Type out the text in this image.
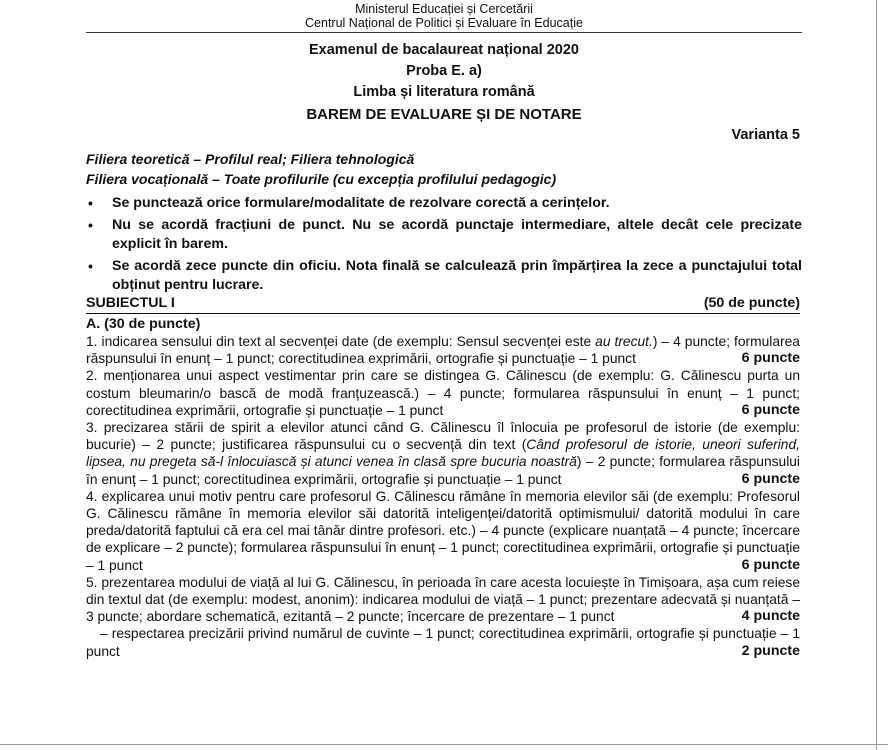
Ministerul Educației și Cercetării
Centrul Național de Politici și Evaluare în Educație
Examenul de bacalaureat național 2020
Proba E. a)
Limba și literatura română
BAREM DE EVALUARE ȘI DE NOTARE
Varianta 5
Filiera teoretică – Profilul real; Filiera tehnologică
Filiera vocațională – Toate profilurile (cu excepția profilului pedagogic)
• Se punctează orice formulare/modalitate de rezolvare corectă a cerințelor.
• Nu se acordă fracțiuni de punct. Nu se acordă punctaje intermediare, altele decât cele precizate explicit în barem.
• Se acordă zece puncte din oficiu. Nota finală se calculează prin împărțirea la zece a punctajului total obținut pentru lucrare.
SUBIECTUL I	(50 de puncte)
A. (30 de puncte)
1. indicarea sensului din text al secvenței date (de exemplu: Sensul secvenței este au trecut.) – 4 puncte; formularea răspunsului în enunț – 1 punct; corectitudinea exprimării, ortografie și punctuație – 1 punct	6 puncte
2. menționarea unui aspect vestimentar prin care se distingea G. Călinescu (de exemplu: G. Călinescu purta un costum bleumarin/o bască de modă franțuzească.) – 4 puncte; formularea răspunsului în enunț – 1 punct; corectitudinea exprimării, ortografie și punctuație – 1 punct	6 puncte
3. precizarea stării de spirit a elevilor atunci când G. Călinescu îl înlocuia pe profesorul de istorie (de exemplu: bucurie) – 2 puncte; justificarea răspunsului cu o secvență din text (Când profesorul de istorie, uneori suferind, lipsea, nu pregeta să-l înlocuiască și atunci venea în clasă spre bucuria noastră) – 2 puncte; formularea răspunsului în enunț – 1 punct; corectitudinea exprimării, ortografie și punctuație – 1 punct	6 puncte
4. explicarea unui motiv pentru care profesorul G. Călinescu rămâne în memoria elevilor săi (de exemplu: Profesorul G. Călinescu rămâne în memoria elevilor săi datorită inteligenței/datorită optimismului/ datorită modului în care preda/datorită faptului că era cel mai tânăr dintre profesori. etc.) – 4 puncte (explicare nuanțată – 4 puncte; încercare de explicare – 2 puncte); formularea răspunsului în enunț – 1 punct; corectitudinea exprimării, ortografie și punctuație – 1 punct	6 puncte
5. prezentarea modului de viață al lui G. Călinescu, în perioada în care acesta locuiește în Timișoara, așa cum reiese din textul dat (de exemplu: modest, anonim): indicarea modului de viață – 1 punct; prezentare adecvată și nuanțată – 3 puncte; abordare schematică, ezitantă – 2 puncte; încercare de prezentare – 1 punct	4 puncte
– respectarea precizării privind numărul de cuvinte – 1 punct; corectitudinea exprimării, ortografie și punctuație – 1 punct	2 puncte
